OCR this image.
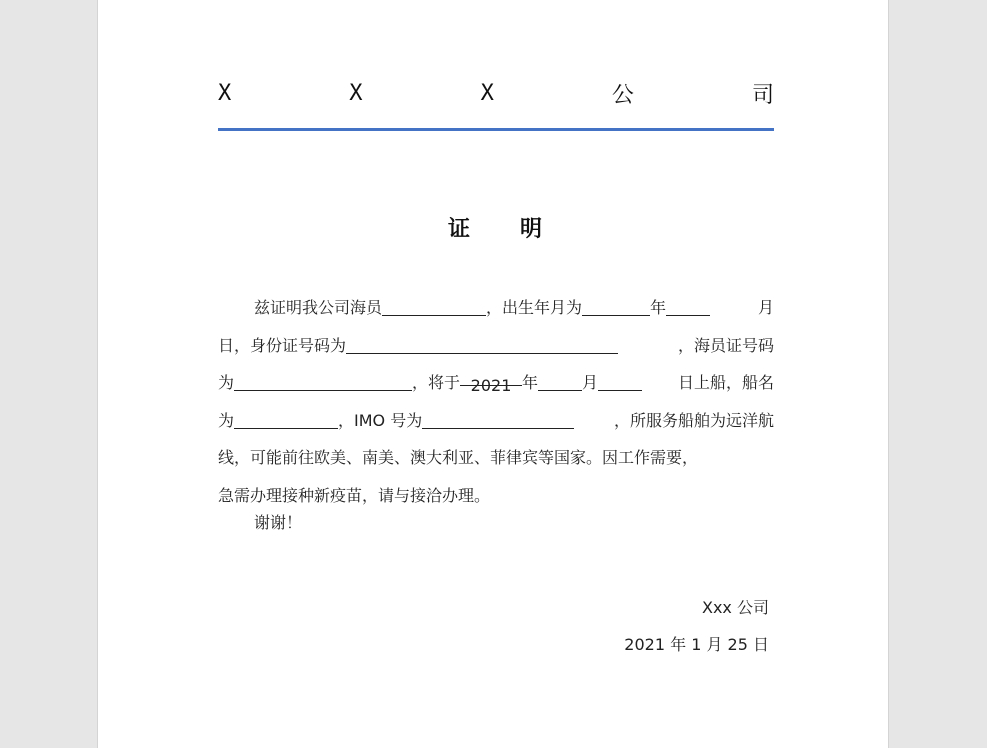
X	X	X	公	司
证 明
兹证明我公司海员	，出生年月为	年	月
日，身份证号码为	，海员证号码
为	，将于 2021 年	月	日上船，船名
为	，IMO 号为	，所服务船舶为远洋航
线，可能前往欧美、南美、澳大利亚、菲律宾等国家。因工作需要，
急需办理接种新疫苗，请与接洽办理。
谢谢！
Xxx 公司
2021 年 1 月 25 日
